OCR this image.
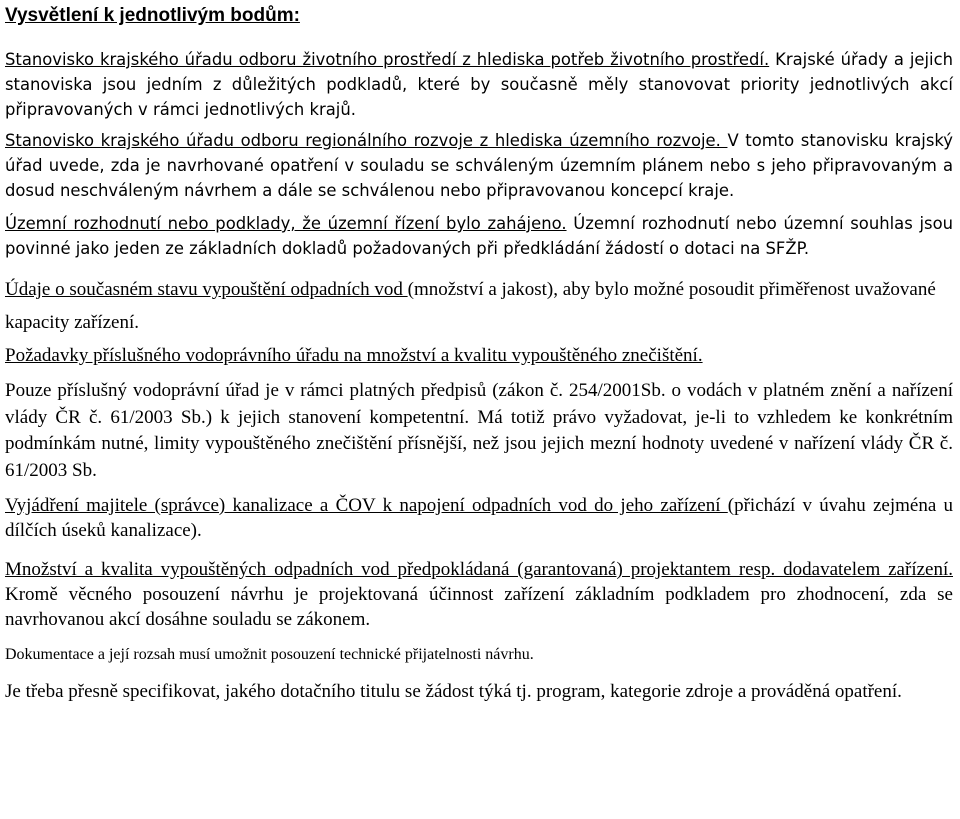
Vysvětlení k jednotlivým bodům:

Stanovisko krajského úřadu odboru životního prostředí z hlediska potřeb životního prostředí. Krajské úřady a jejich stanoviska jsou jedním z důležitých podkladů, které by současně měly stanovovat priority jednotlivých akcí připravovaných v rámci jednotlivých krajů.

Stanovisko krajského úřadu odboru regionálního rozvoje z hlediska územního rozvoje. V tomto stanovisku krajský úřad uvede, zda je navrhované opatření v souladu se schváleným územním plánem nebo s jeho připravovaným a dosud neschváleným návrhem a dále se schválenou nebo připravovanou koncepcí kraje.

Územní rozhodnutí nebo podklady, že územní řízení bylo zahájeno. Územní rozhodnutí nebo územní souhlas jsou povinné jako jeden ze základních dokladů požadovaných při předkládání žádostí o dotaci na SFŽP.

Údaje o současném stavu vypouštění odpadních vod (množství a jakost), aby bylo možné posoudit přiměřenost uvažované kapacity zařízení.

Požadavky příslušného vodoprávního úřadu na množství a kvalitu vypouštěného znečištění.

Pouze příslušný vodoprávní úřad je v rámci platných předpisů (zákon č. 254/2001Sb. o vodách v platném znění a nařízení vlády ČR č. 61/2003 Sb.) k jejich stanovení kompetentní. Má totiž právo vyžadovat, je-li to vzhledem ke konkrétním podmínkám nutné, limity vypouštěného znečištění přísnější, než jsou jejich mezní hodnoty uvedené v nařízení vlády ČR č. 61/2003 Sb.

Vyjádření majitele (správce) kanalizace a ČOV k napojení odpadních vod do jeho zařízení (přichází v úvahu zejména u dílčích úseků kanalizace).

Množství a kvalita vypouštěných odpadních vod předpokládaná (garantovaná) projektantem resp. dodavatelem zařízení. Kromě věcného posouzení návrhu je projektovaná účinnost zařízení základním podkladem pro zhodnocení, zda se navrhovanou akcí dosáhne souladu se zákonem.

Dokumentace a její rozsah musí umožnit posouzení technické přijatelnosti návrhu.

Je třeba přesně specifikovat, jakého dotačního titulu se žádost týká tj. program, kategorie zdroje a prováděná opatření.
